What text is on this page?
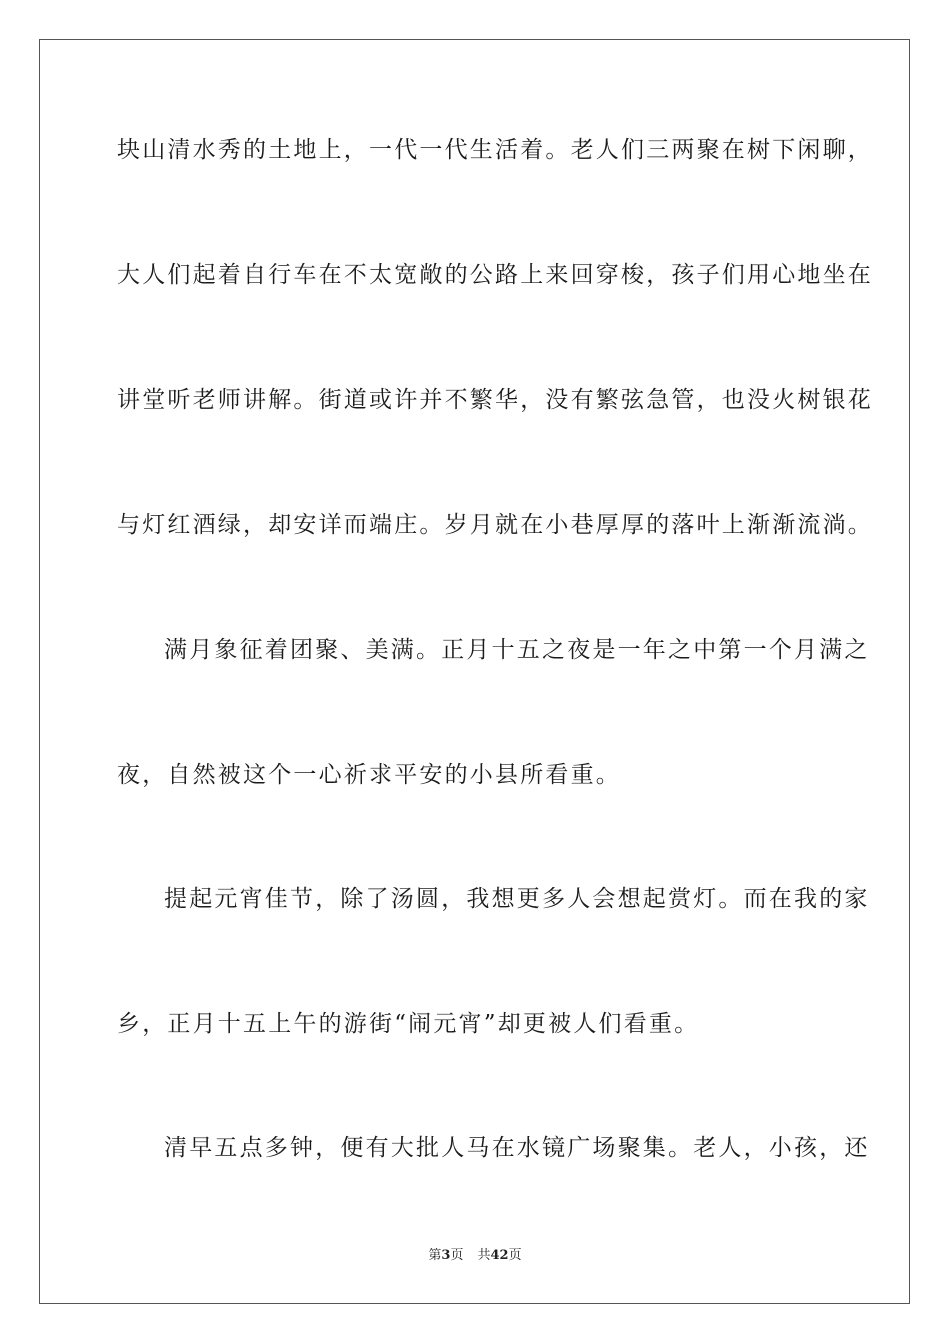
块山清水秀的土地上，一代一代生活着。老人们三两聚在树下闲聊，
大人们起着自行车在不太宽敞的公路上来回穿梭，孩子们用心地坐在
讲堂听老师讲解。街道或许并不繁华，没有繁弦急管，也没火树银花
与灯红酒绿，却安详而端庄。岁月就在小巷厚厚的落叶上渐渐流淌。
满月象征着团聚、美满。正月十五之夜是一年之中第一个月满之
夜，自然被这个一心祈求平安的小县所看重。
提起元宵佳节，除了汤圆，我想更多人会想起赏灯。而在我的家
乡，正月十五上午的游街“闹元宵”却更被人们看重。
清早五点多钟，便有大批人马在水镜广场聚集。老人，小孩，还
第3页 共42页
